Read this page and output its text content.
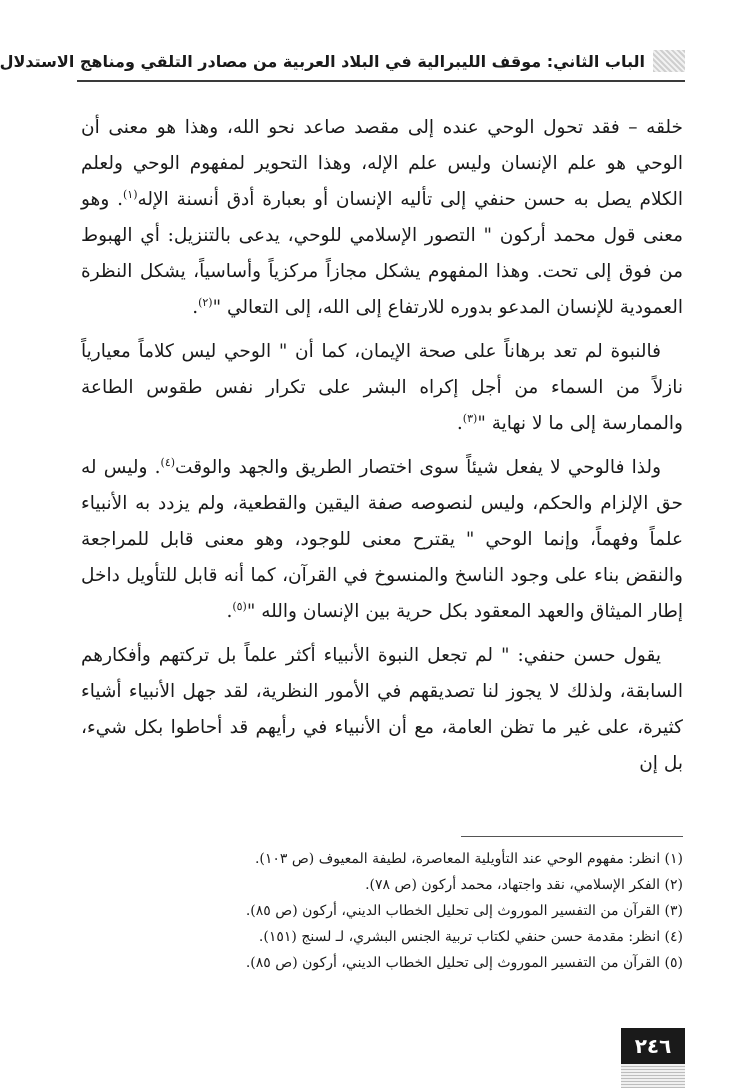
الباب الثاني: موقف الليبرالية في البلاد العربية من مصادر التلقي ومناهج الاستدلال

خلقه – فقد تحول الوحي عنده إلى مقصد صاعد نحو الله، وهذا هو معنى أن الوحي هو علم الإنسان وليس علم الإله، وهذا التحوير لمفهوم الوحي ولعلم الكلام يصل به حسن حنفي إلى تأليه الإنسان أو بعبارة أدق أنسنة الإله$^{(١)}$. وهو معنى قول محمد أركون " التصور الإسلامي للوحي، يدعى بالتنزيل: أي الهبوط من فوق إلى تحت. وهذا المفهوم يشكل مجازاً مركزياً وأساسياً، يشكل النظرة العمودية للإنسان المدعو بدوره للارتفاع إلى الله، إلى التعالي "$^{(٢)}$.

فالنبوة لم تعد برهاناً على صحة الإيمان، كما أن " الوحي ليس كلاماً معيارياً نازلاً من السماء من أجل إكراه البشر على تكرار نفس طقوس الطاعة والممارسة إلى ما لا نهاية "$^{(٣)}$.

ولذا فالوحي لا يفعل شيئاً سوى اختصار الطريق والجهد والوقت$^{(٤)}$. وليس له حق الإلزام والحكم، وليس لنصوصه صفة اليقين والقطعية، ولم يزدد به الأنبياء علماً وفهماً، وإنما الوحي " يقترح معنى للوجود، وهو معنى قابل للمراجعة والنقض بناء على وجود الناسخ والمنسوخ في القرآن، كما أنه قابل للتأويل داخل إطار الميثاق والعهد المعقود بكل حرية بين الإنسان والله "$^{(٥)}$.

يقول حسن حنفي: " لم تجعل النبوة الأنبياء أكثر علماً بل تركتهم وأفكارهم السابقة، ولذلك لا يجوز لنا تصديقهم في الأمور النظرية، لقد جهل الأنبياء أشياء كثيرة، على غير ما تظن العامة، مع أن الأنبياء في رأيهم قد أحاطوا بكل شيء، بل إن

(١) انظر: مفهوم الوحي عند التأويلية المعاصرة، لطيفة المعيوف (ص ١٠٣).
(٢) الفكر الإسلامي، نقد واجتهاد، محمد أركون (ص ٧٨).
(٣) القرآن من التفسير الموروث إلى تحليل الخطاب الديني، أركون (ص ٨٥).
(٤) انظر: مقدمة حسن حنفي لكتاب تربية الجنس البشري، لـ لسنج (١٥١).
(٥) القرآن من التفسير الموروث إلى تحليل الخطاب الديني، أركون (ص ٨٥).
٢٤٦
